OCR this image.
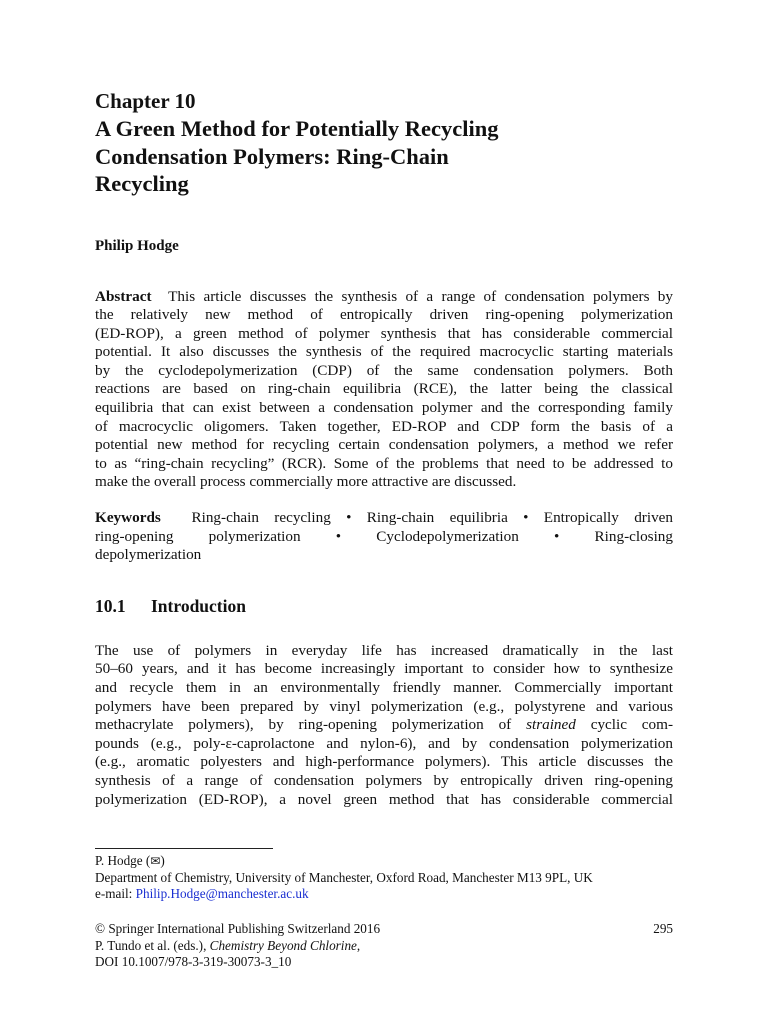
Chapter 10
A Green Method for Potentially Recycling
Condensation Polymers: Ring-Chain
Recycling
Philip Hodge
Abstract This article discusses the synthesis of a range of condensation polymers by
the relatively new method of entropically driven ring-opening polymerization
(ED-ROP), a green method of polymer synthesis that has considerable commercial
potential. It also discusses the synthesis of the required macrocyclic starting materials
by the cyclodepolymerization (CDP) of the same condensation polymers. Both
reactions are based on ring-chain equilibria (RCE), the latter being the classical
equilibria that can exist between a condensation polymer and the corresponding family
of macrocyclic oligomers. Taken together, ED-ROP and CDP form the basis of a
potential new method for recycling certain condensation polymers, a method we refer
to as “ring-chain recycling” (RCR). Some of the problems that need to be addressed to
make the overall process commercially more attractive are discussed.
Keywords Ring-chain recycling • Ring-chain equilibria • Entropically driven
ring-opening polymerization • Cyclodepolymerization • Ring-closing
depolymerization
10.1 Introduction
The use of polymers in everyday life has increased dramatically in the last
50–60 years, and it has become increasingly important to consider how to synthesize
and recycle them in an environmentally friendly manner. Commercially important
polymers have been prepared by vinyl polymerization (e.g., polystyrene and various
methacrylate polymers), by ring-opening polymerization of strained cyclic com-
pounds (e.g., poly-ε-caprolactone and nylon-6), and by condensation polymerization
(e.g., aromatic polyesters and high-performance polymers). This article discusses the
synthesis of a range of condensation polymers by entropically driven ring-opening
polymerization (ED-ROP), a novel green method that has considerable commercial
P. Hodge (✉)
Department of Chemistry, University of Manchester, Oxford Road, Manchester M13 9PL, UK
e-mail: Philip.Hodge@manchester.ac.uk
295
© Springer International Publishing Switzerland 2016
P. Tundo et al. (eds.), Chemistry Beyond Chlorine,
DOI 10.1007/978-3-319-30073-3_10
